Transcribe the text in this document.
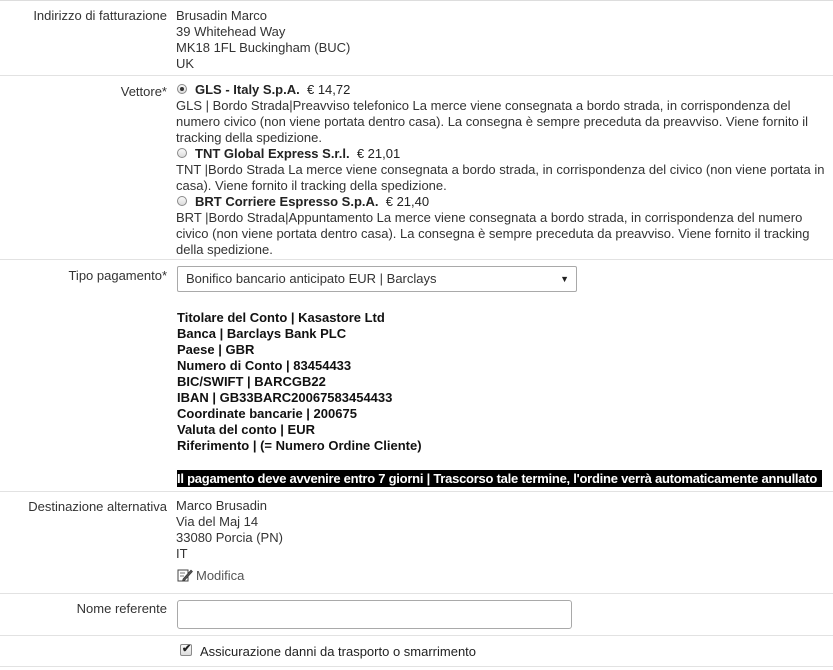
Indirizzo di fatturazione Brusadin Marco
39 Whitehead Way
MK18 1FL Buckingham (BUC)
UK
Vettore* GLS - Italy S.p.A. € 14,72
GLS | Bordo Strada|Preavviso telefonico La merce viene consegnata a bordo strada, in corrispondenza del numero civico (non viene portata dentro casa). La consegna è sempre preceduta da preavviso. Viene fornito il tracking della spedizione.
TNT Global Express S.r.l. € 21,01
TNT |Bordo Strada La merce viene consegnata a bordo strada, in corrispondenza del civico (non viene portata in casa). Viene fornito il tracking della spedizione.
BRT Corriere Espresso S.p.A. € 21,40
BRT |Bordo Strada|Appuntamento La merce viene consegnata a bordo strada, in corrispondenza del numero civico (non viene portata dentro casa). La consegna è sempre preceduta da preavviso. Viene fornito il tracking della spedizione.
Tipo pagamento*	Bonifico bancario anticipato EUR | Barclays	▼
Titolare del Conto | Kasastore Ltd
Banca | Barclays Bank PLC
Paese | GBR
Numero di Conto | 83454433
BIC/SWIFT | BARCGB22
IBAN | GB33BARC20067583454433
Coordinate bancarie | 200675
Valuta del conto | EUR
Riferimento | (= Numero Ordine Cliente)
Il pagamento deve avvenire entro 7 giorni | Trascorso tale termine, l'ordine verrà automaticamente annullato
Destinazione alternativa Marco Brusadin
Via del Maj 14
33080 Porcia (PN)
IT
Modifica
Nome referente
✔ Assicurazione danni da trasporto o smarrimento
